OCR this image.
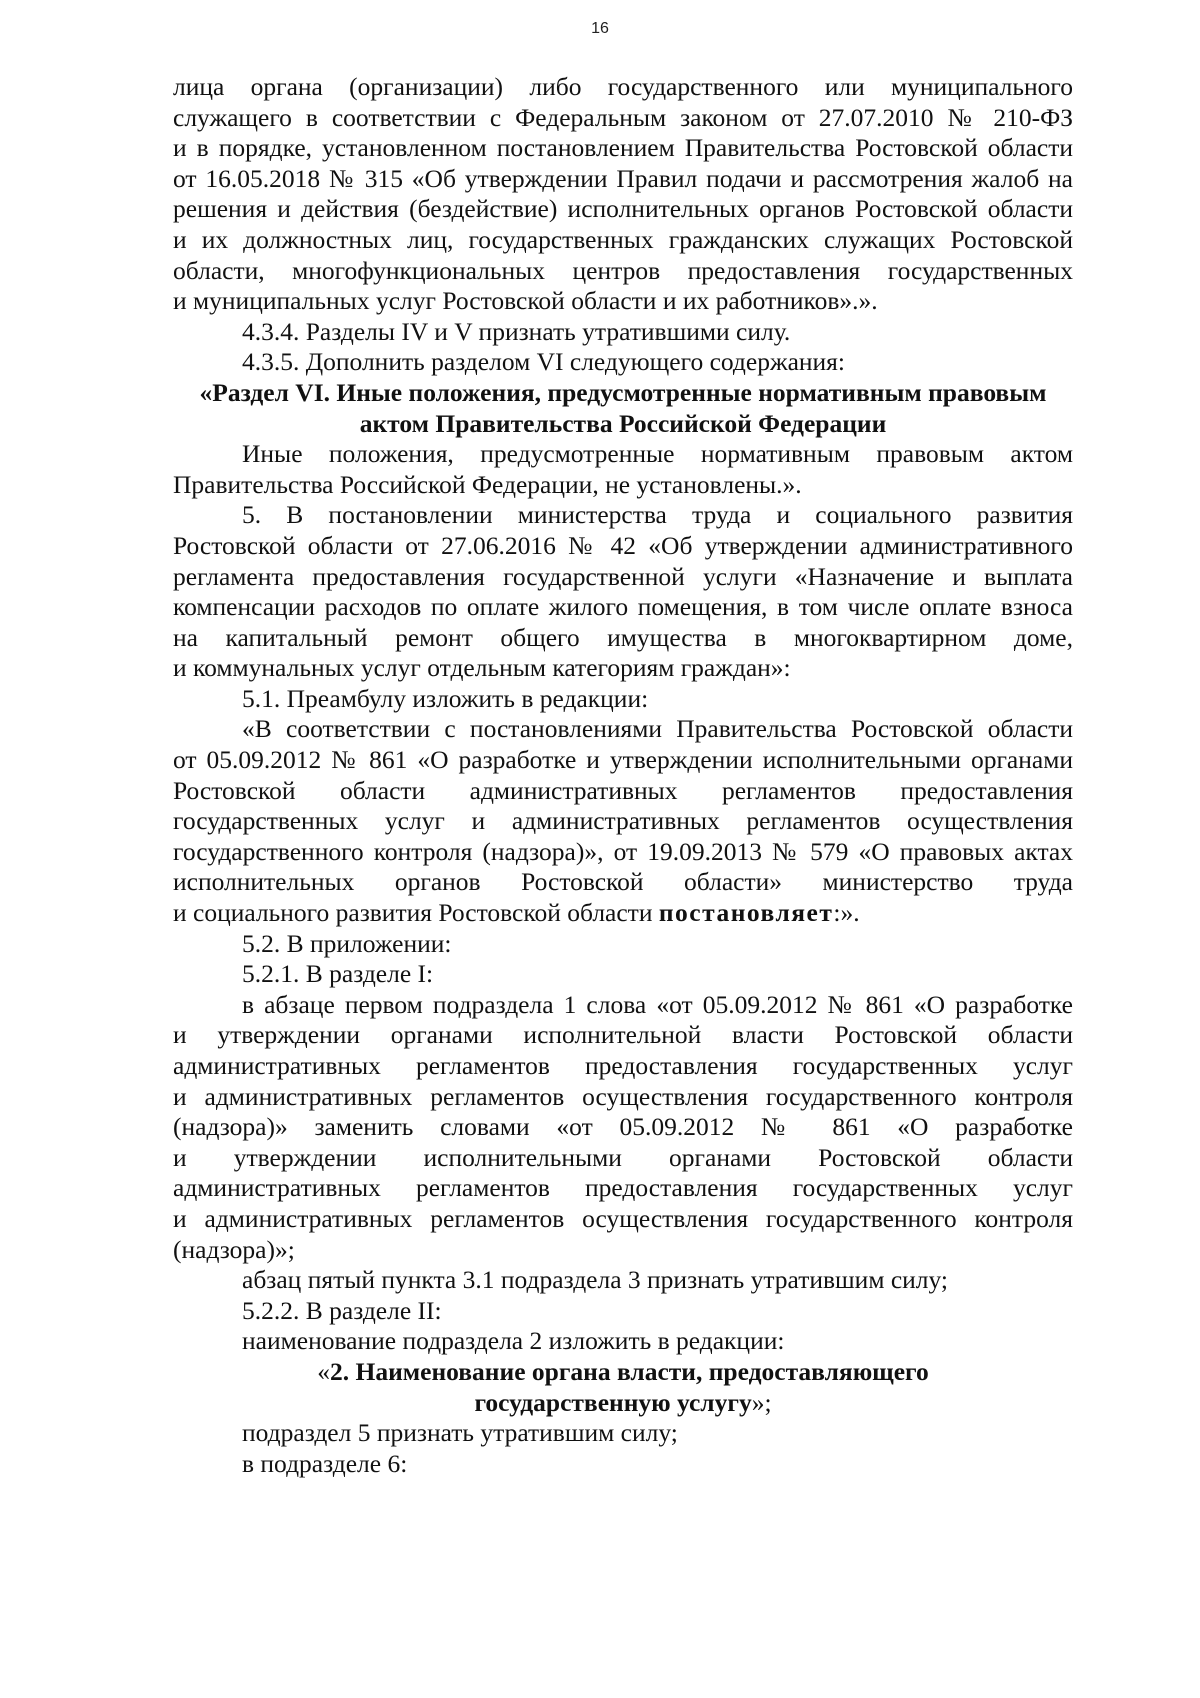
16

лица органа (организации) либо государственного или муниципального

служащего в соответствии с Федеральным законом от 27.07.2010 № 210-ФЗ

и в порядке, установленном постановлением Правительства Ростовской области

от 16.05.2018 № 315 «Об утверждении Правил подачи и рассмотрения жалоб на

решения и действия (бездействие) исполнительных органов Ростовской области

и их должностных лиц, государственных гражданских служащих Ростовской

области, многофункциональных центров предоставления государственных

и муниципальных услуг Ростовской области и их работников».».

4.3.4. Разделы IV и V признать утратившими силу.

4.3.5. Дополнить разделом VI следующего содержания:

«Раздел VI. Иные положения, предусмотренные нормативным правовым

актом Правительства Российской Федерации

Иные положения, предусмотренные нормативным правовым актом

Правительства Российской Федерации, не установлены.».

5. В постановлении министерства труда и социального развития

Ростовской области от 27.06.2016 № 42 «Об утверждении административного

регламента предоставления государственной услуги «Назначение и выплата

компенсации расходов по оплате жилого помещения, в том числе оплате взноса

на капитальный ремонт общего имущества в многоквартирном доме,

и коммунальных услуг отдельным категориям граждан»:

5.1. Преамбулу изложить в редакции:

«В соответствии с постановлениями Правительства Ростовской области

от 05.09.2012 № 861 «О разработке и утверждении исполнительными органами

Ростовской области административных регламентов предоставления

государственных услуг и административных регламентов осуществления

государственного контроля (надзора)», от 19.09.2013 № 579 «О правовых актах

исполнительных органов Ростовской области» министерство труда

и социального развития Ростовской области постановляет:».

5.2. В приложении:

5.2.1. В разделе I:

в абзаце первом подраздела 1 слова «от 05.09.2012 № 861 «О разработке

и утверждении органами исполнительной власти Ростовской области

административных регламентов предоставления государственных услуг

и административных регламентов осуществления государственного контроля

(надзора)» заменить словами «от 05.09.2012 № 861 «О разработке

и утверждении исполнительными органами Ростовской области

административных регламентов предоставления государственных услуг

и административных регламентов осуществления государственного контроля

(надзора)»;

абзац пятый пункта 3.1 подраздела 3 признать утратившим силу;

5.2.2. В разделе II:

наименование подраздела 2 изложить в редакции:

«2. Наименование органа власти, предоставляющего

государственную услугу»;

подраздел 5 признать утратившим силу;

в подразделе 6:
